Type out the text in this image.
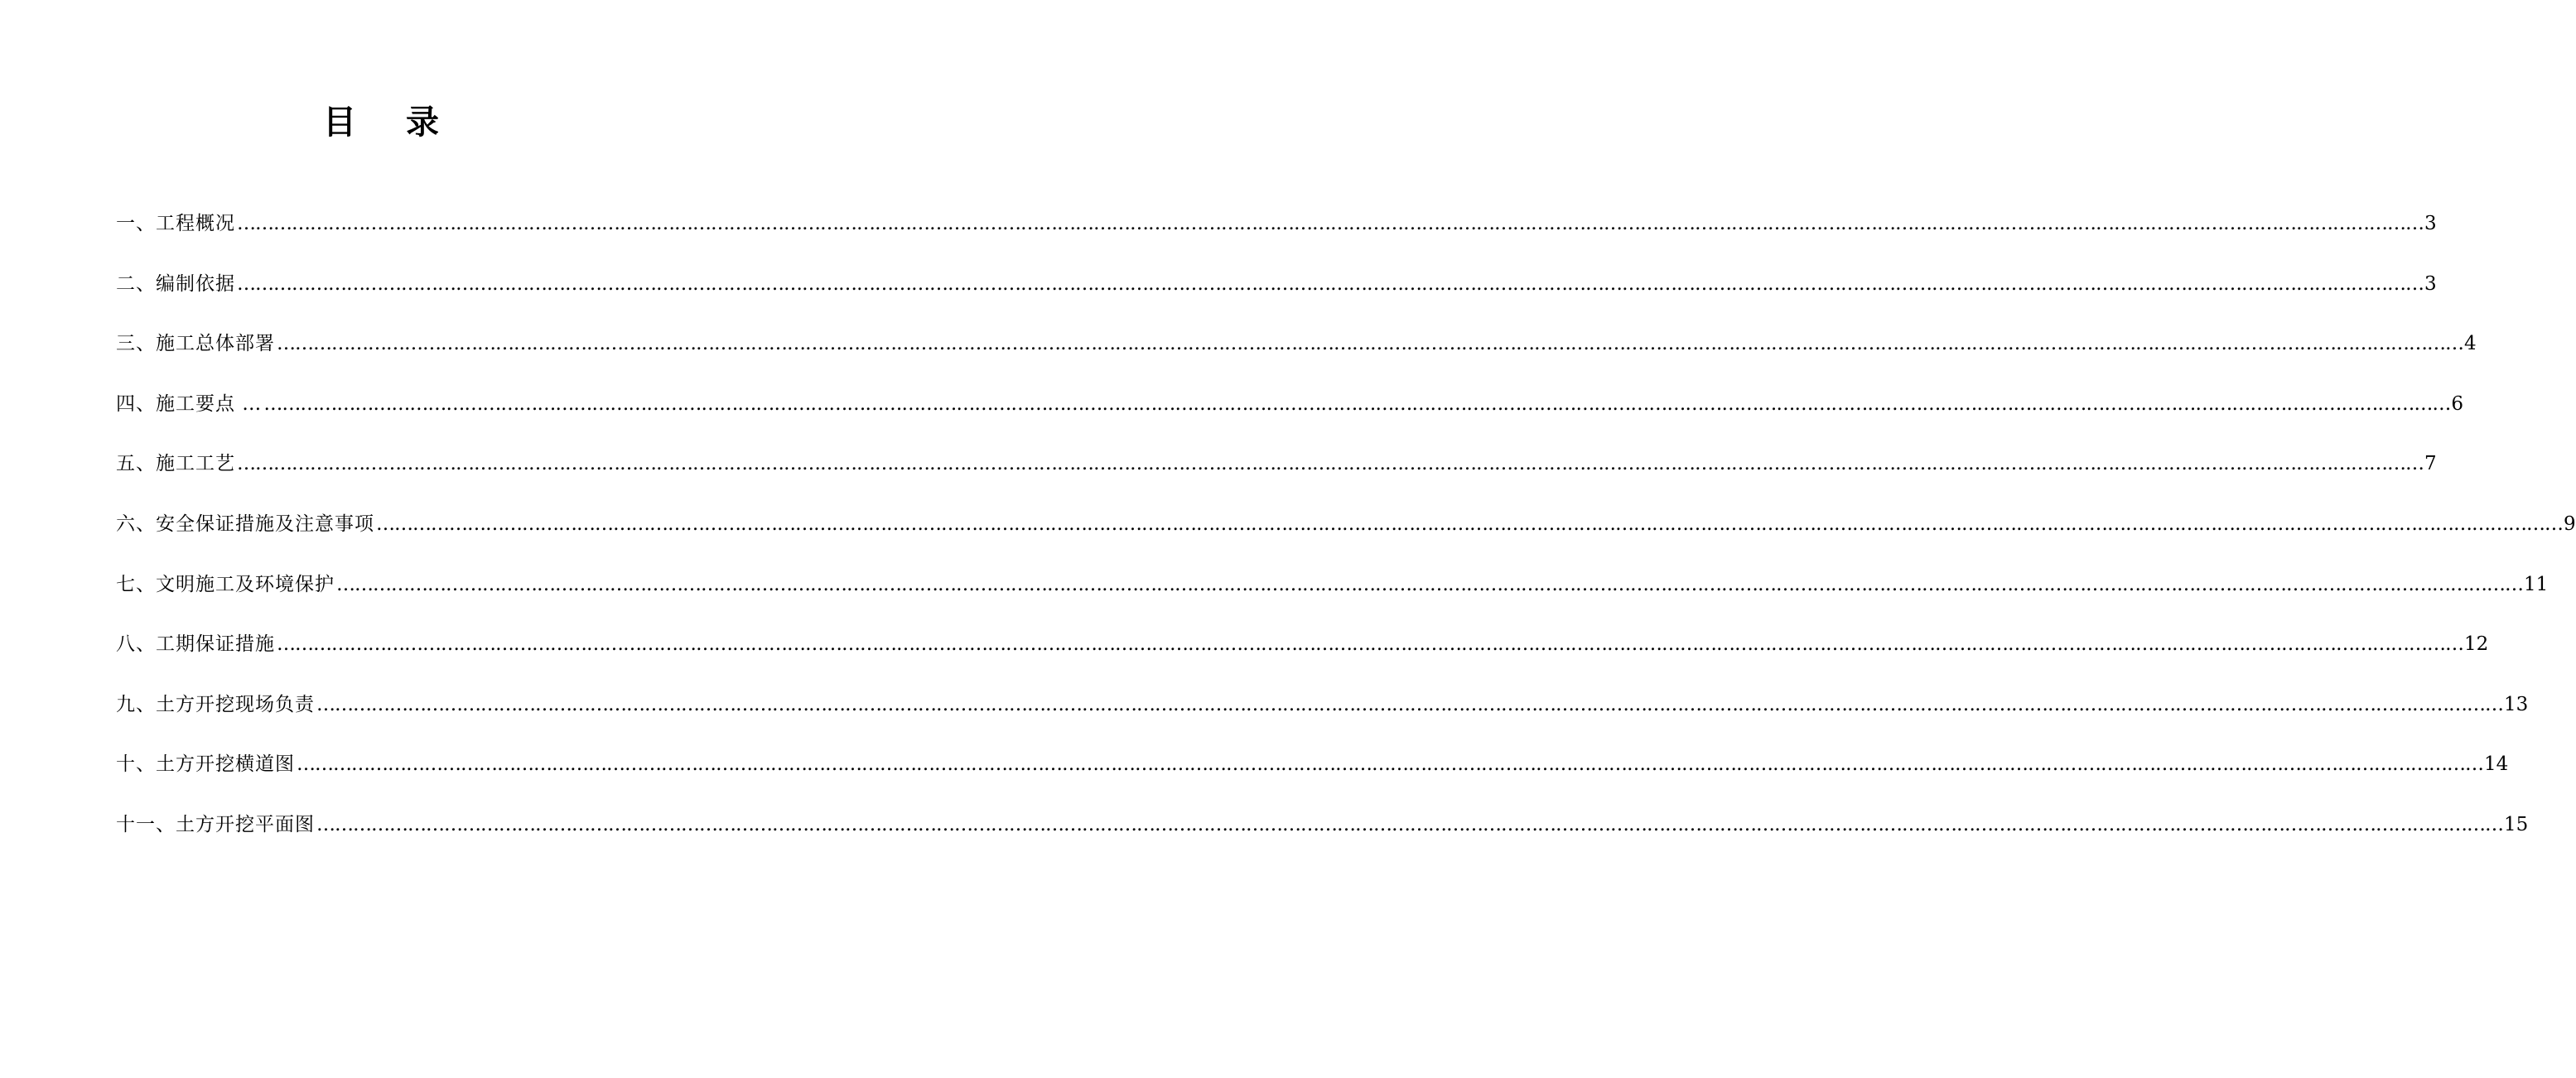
目 录
一、工程概况 ……………………………………………………………………………………………………………………………………………………………………………………………………………………………………………………………………………………………………………………………… 3
二、编制依据 ……………………………………………………………………………………………………………………………………………………………………………………………………………………………………………………………………………………………………………………………… 3
三、施工总体部署 ……………………………………………………………………………………………………………………………………………………………………………………………………………………………………………………………………………………………………………………………… 4
四、施工要点 … ……………………………………………………………………………………………………………………………………………………………………………………………………………………………………………………………………………………………………………………………… 6
五、施工工艺 ……………………………………………………………………………………………………………………………………………………………………………………………………………………………………………………………………………………………………………………………… 7
六、安全保证措施及注意事项 ……………………………………………………………………………………………………………………………………………………………………………………………………………………………………………………………………………………………………………………………… 9
七、文明施工及环境保护 ……………………………………………………………………………………………………………………………………………………………………………………………………………………………………………………………………………………………………………………………… 11
八、工期保证措施 ……………………………………………………………………………………………………………………………………………………………………………………………………………………………………………………………………………………………………………………………… 12
九、土方开挖现场负责 ……………………………………………………………………………………………………………………………………………………………………………………………………………………………………………………………………………………………………………………………… 13
十、土方开挖横道图 ……………………………………………………………………………………………………………………………………………………………………………………………………………………………………………………………………………………………………………………………… 14
十一、土方开挖平面图 ……………………………………………………………………………………………………………………………………………………………………………………………………………………………………………………………………………………………………………………………… 15
